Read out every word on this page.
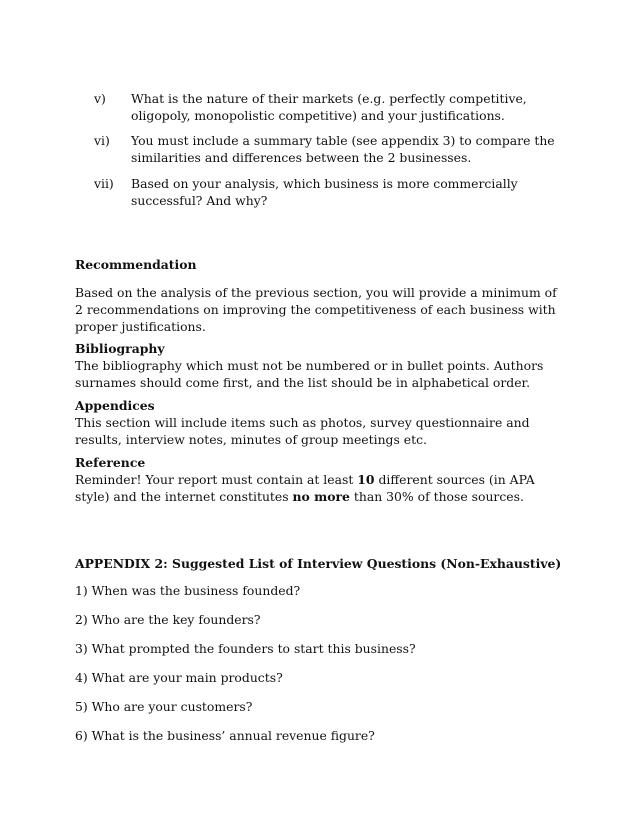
v) What is the nature of their markets (e.g. perfectly competitive, oligopoly, monopolistic competitive) and your justifications.
vi) You must include a summary table (see appendix 3) to compare the similarities and differences between the 2 businesses.
vii) Based on your analysis, which business is more commercially successful? And why?
Recommendation
Based on the analysis of the previous section, you will provide a minimum of 2 recommendations on improving the competitiveness of each business with proper justifications.
Bibliography
The bibliography which must not be numbered or in bullet points. Authors surnames should come first, and the list should be in alphabetical order.
Appendices
This section will include items such as photos, survey questionnaire and results, interview notes, minutes of group meetings etc.
Reference
Reminder! Your report must contain at least 10 different sources (in APA style) and the internet constitutes no more than 30% of those sources.
APPENDIX 2: Suggested List of Interview Questions (Non-Exhaustive)
1) When was the business founded?
2) Who are the key founders?
3) What prompted the founders to start this business?
4) What are your main products?
5) Who are your customers?
6) What is the business’ annual revenue figure?
